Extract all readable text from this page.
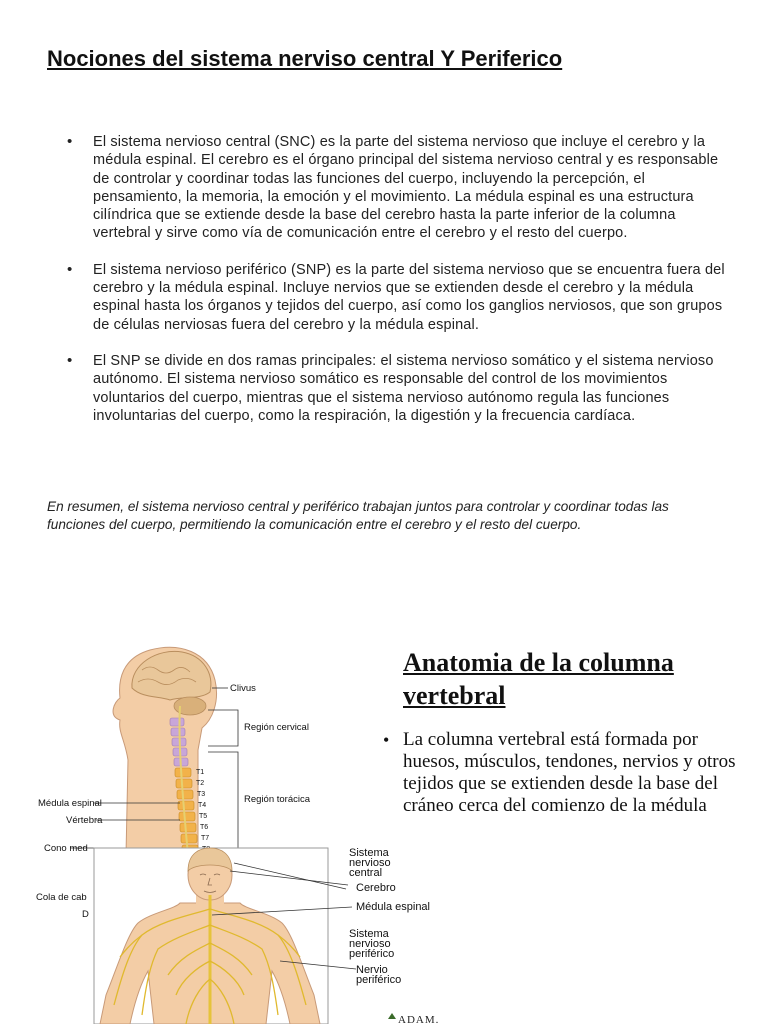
Nociones del sistema nerviso central Y Periferico
• El sistema nervioso central (SNC) es la parte del sistema nervioso que incluye el cerebro y la médula espinal. El cerebro es el órgano principal del sistema nervioso central y es responsable de controlar y coordinar todas las funciones del cuerpo, incluyendo la percepción, el pensamiento, la memoria, la emoción y el movimiento. La médula espinal es una estructura cilíndrica que se extiende desde la base del cerebro hasta la parte inferior de la columna vertebral y sirve como vía de comunicación entre el cerebro y el resto del cuerpo.
• El sistema nervioso periférico (SNP) es la parte del sistema nervioso que se encuentra fuera del cerebro y la médula espinal. Incluye nervios que se extienden desde el cerebro y la médula espinal hasta los órganos y tejidos del cuerpo, así como los ganglios nerviosos, que son grupos de células nerviosas fuera del cerebro y la médula espinal.
• El SNP se divide en dos ramas principales: el sistema nervioso somático y el sistema nervioso autónomo. El sistema nervioso somático es responsable del control de los movimientos voluntarios del cuerpo, mientras que el sistema nervioso autónomo regula las funciones involuntarias del cuerpo, como la respiración, la digestión y la frecuencia cardíaca.

En resumen, el sistema nervioso central y periférico trabajan juntos para controlar y coordinar todas las funciones del cuerpo, permitiendo la comunicación entre el cerebro y el resto del cuerpo.

T1
T2
T3
T4
T5
T6
T7
Clivus
Región cervical
Región torácica
Médula espinal
Vértebra
Cono med
Cola de cab
D
Sistema
nervioso
central
Cerebro
Médula espinal
Sistema
nervioso
periférico
Nervio
periférico
ADAM.
Anatomia de la columna vertebral
• La columna vertebral está formada por huesos, músculos, tendones, nervios y otros tejidos que se extienden desde la base del cráneo cerca del comienzo de la médula
